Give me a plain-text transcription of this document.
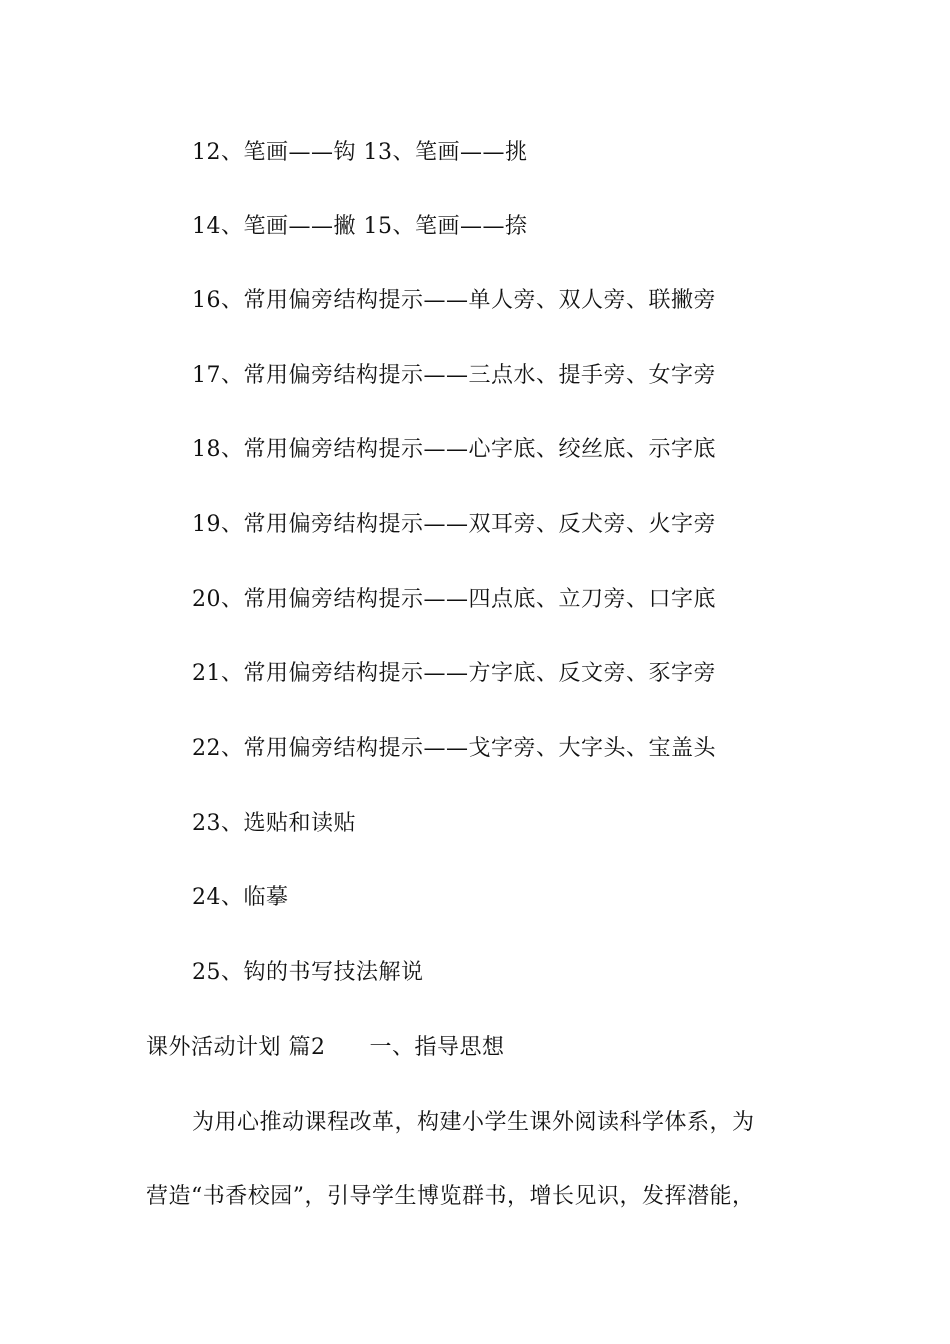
12、笔画——钩 13、笔画——挑
14、笔画——撇 15、笔画——捺
16、常用偏旁结构提示——单人旁、双人旁、联撇旁
17、常用偏旁结构提示——三点水、提手旁、女字旁
18、常用偏旁结构提示——心字底、绞丝底、示字底
19、常用偏旁结构提示——双耳旁、反犬旁、火字旁
20、常用偏旁结构提示——四点底、立刀旁、口字底
21、常用偏旁结构提示——方字底、反文旁、豕字旁
22、常用偏旁结构提示——戈字旁、大字头、宝盖头
23、选贴和读贴
24、临摹
25、钩的书写技法解说
课外活动计划 篇2 一、指导思想
为用心推动课程改革，构建小学生课外阅读科学体系，为
营造“书香校园”，引导学生博览群书，增长见识，发挥潜能，
